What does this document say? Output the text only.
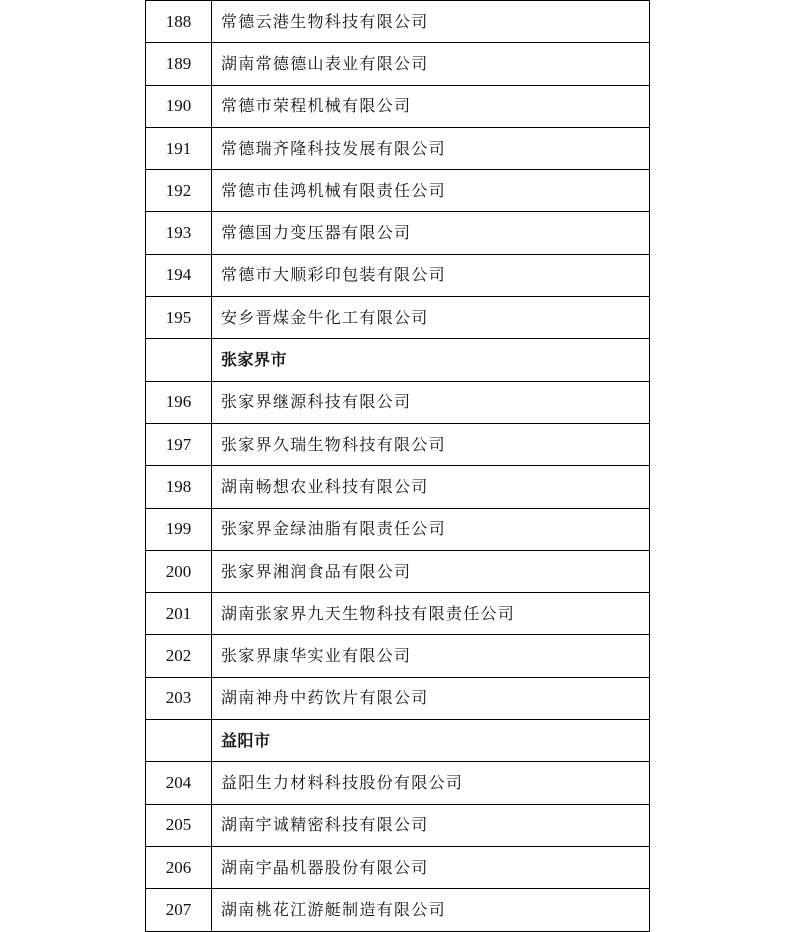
188	常德云港生物科技有限公司
189	湖南常德德山表业有限公司
190	常德市荣程机械有限公司
191	常德瑞齐隆科技发展有限公司
192	常德市佳鸿机械有限责任公司
193	常德国力变压器有限公司
194	常德市大顺彩印包装有限公司
195	安乡晋煤金牛化工有限公司
	张家界市
196	张家界继源科技有限公司
197	张家界久瑞生物科技有限公司
198	湖南畅想农业科技有限公司
199	张家界金绿油脂有限责任公司
200	张家界湘润食品有限公司
201	湖南张家界九天生物科技有限责任公司
202	张家界康华实业有限公司
203	湖南神舟中药饮片有限公司
	益阳市
204	益阳生力材料科技股份有限公司
205	湖南宇诚精密科技有限公司
206	湖南宇晶机器股份有限公司
207	湖南桃花江游艇制造有限公司
